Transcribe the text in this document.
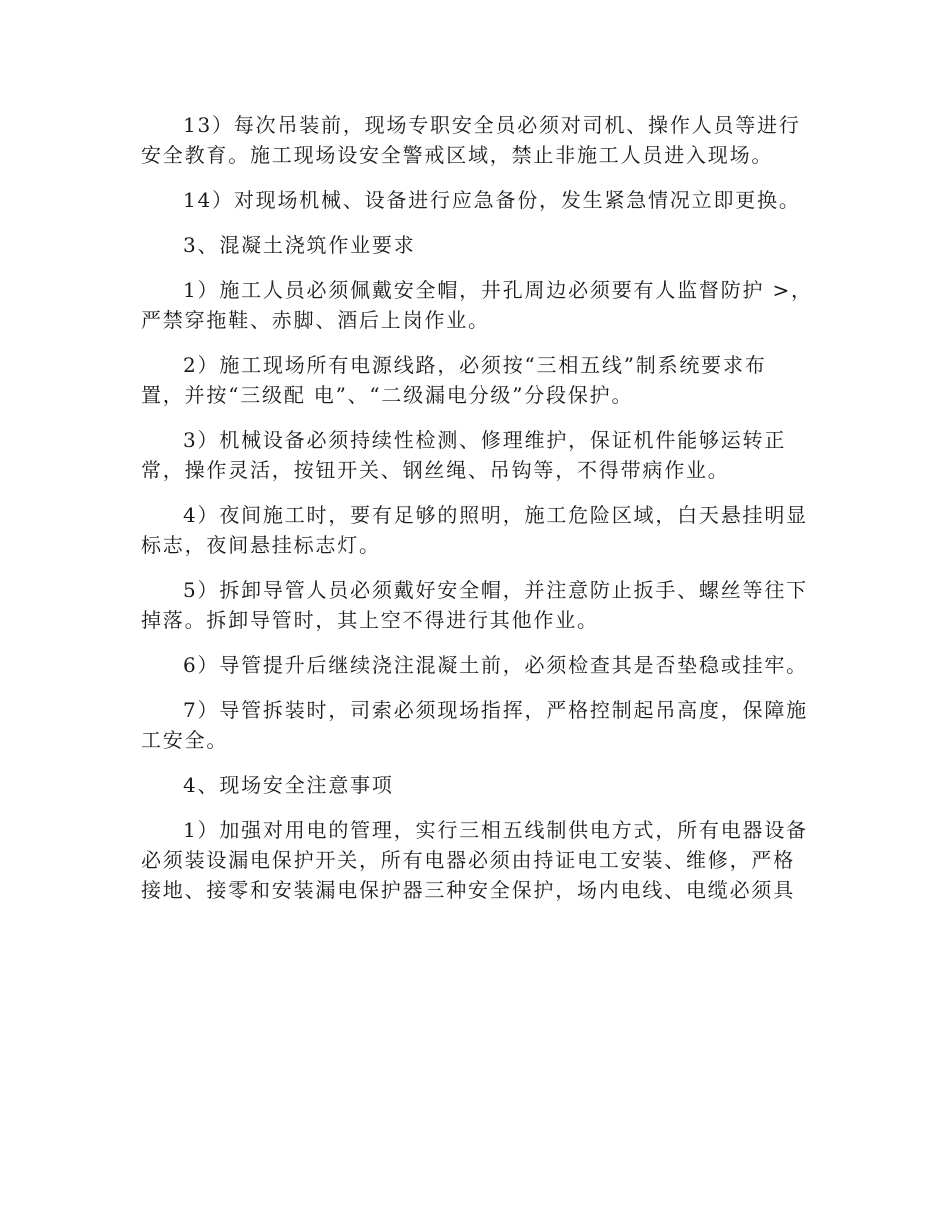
13）每次吊装前，现场专职安全员必须对司机、操作人员等进行
安全教育。施工现场设安全警戒区域，禁止非施工人员进入现场。
14）对现场机械、设备进行应急备份，发生紧急情况立即更换。
3、混凝土浇筑作业要求
1）施工人员必须佩戴安全帽，井孔周边必须要有人监督防护 >，
严禁穿拖鞋、赤脚、酒后上岗作业。
2）施工现场所有电源线路，必须按“三相五线”制系统要求布
置，并按“三级配 电”、“二级漏电分级”分段保护。
3）机械设备必须持续性检测、修理维护，保证机件能够运转正
常，操作灵活，按钮开关、钢丝绳、吊钩等，不得带病作业。
4）夜间施工时，要有足够的照明，施工危险区域，白天悬挂明显
标志，夜间悬挂标志灯。
5）拆卸导管人员必须戴好安全帽，并注意防止扳手、螺丝等往下
掉落。拆卸导管时，其上空不得进行其他作业。
6）导管提升后继续浇注混凝土前，必须检查其是否垫稳或挂牢。
7）导管拆装时，司索必须现场指挥，严格控制起吊高度，保障施
工安全。
4、现场安全注意事项
1）加强对用电的管理，实行三相五线制供电方式，所有电器设备
必须装设漏电保护开关，所有电器必须由持证电工安装、维修，严格
接地、接零和安装漏电保护器三种安全保护，场内电线、电缆必须具
